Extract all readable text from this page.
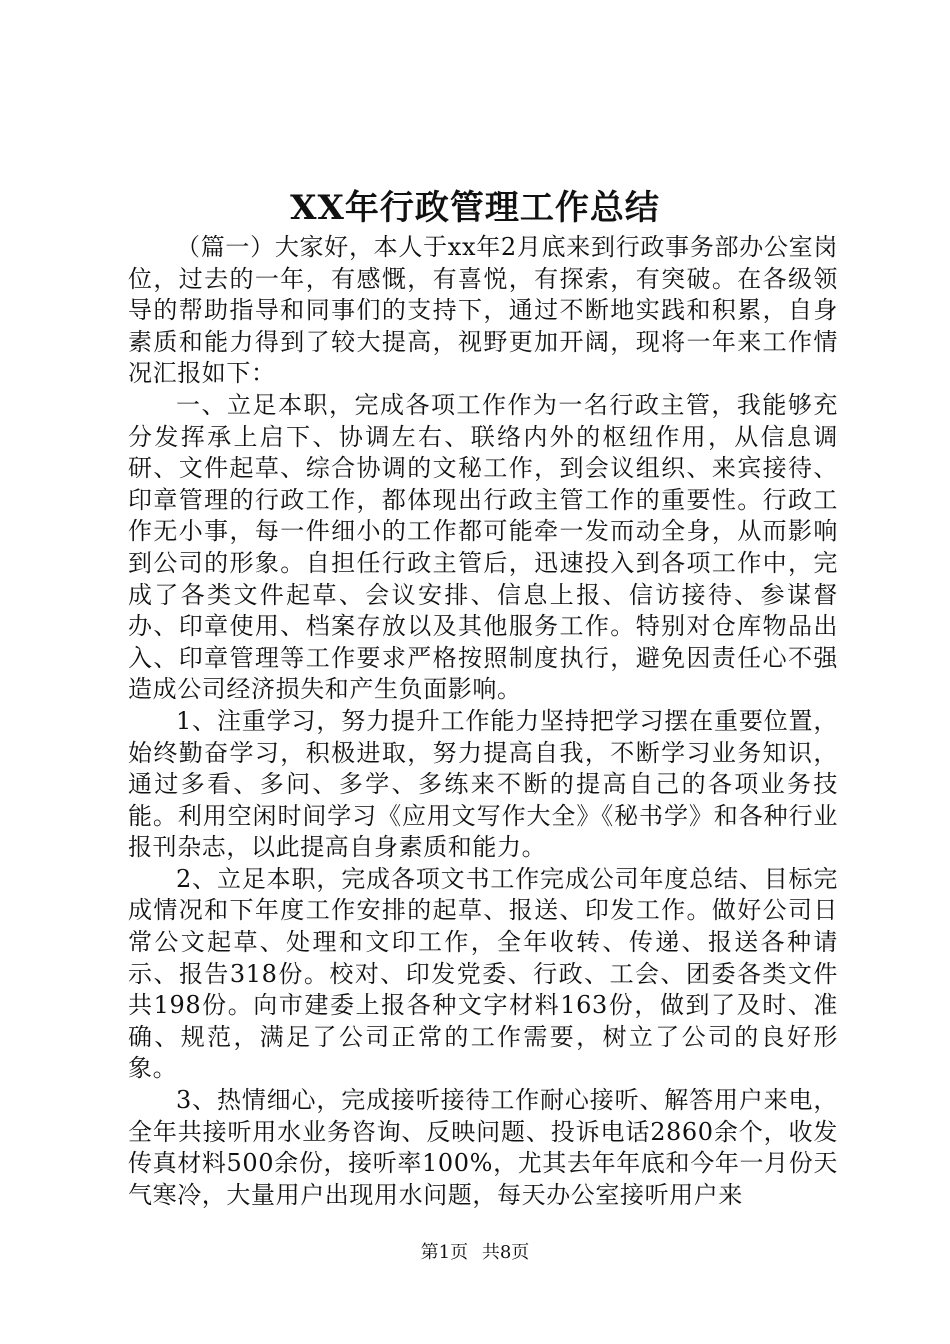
XX年行政管理工作总结

（篇一）大家好，本人于xx年2月底来到行政事务部办公室岗位，过去的一年，有感慨，有喜悦，有探索，有突破。在各级领导的帮助指导和同事们的支持下，通过不断地实践和积累，自身素质和能力得到了较大提高，视野更加开阔，现将一年来工作情况汇报如下：

一、立足本职，完成各项工作作为一名行政主管，我能够充分发挥承上启下、协调左右、联络内外的枢纽作用，从信息调研、文件起草、综合协调的文秘工作，到会议组织、来宾接待、印章管理的行政工作，都体现出行政主管工作的重要性。行政工作无小事，每一件细小的工作都可能牵一发而动全身，从而影响到公司的形象。自担任行政主管后，迅速投入到各项工作中，完成了各类文件起草、会议安排、信息上报、信访接待、参谋督办、印章使用、档案存放以及其他服务工作。特别对仓库物品出入、印章管理等工作要求严格按照制度执行，避免因责任心不强造成公司经济损失和产生负面影响。

1、注重学习，努力提升工作能力坚持把学习摆在重要位置，始终勤奋学习，积极进取，努力提高自我，不断学习业务知识，通过多看、多问、多学、多练来不断的提高自己的各项业务技能。利用空闲时间学习《应用文写作大全》《秘书学》和各种行业报刊杂志，以此提高自身素质和能力。

2、立足本职，完成各项文书工作完成公司年度总结、目标完成情况和下年度工作安排的起草、报送、印发工作。做好公司日常公文起草、处理和文印工作，全年收转、传递、报送各种请示、报告318份。校对、印发党委、行政、工会、团委各类文件共198份。向市建委上报各种文字材料163份，做到了及时、准确、规范，满足了公司正常的工作需要，树立了公司的良好形象。

3、热情细心，完成接听接待工作耐心接听、解答用户来电，全年共接听用水业务咨询、反映问题、投诉电话2860余个，收发传真材料500余份，接听率100%，尤其去年年底和今年一月份天气寒冷，大量用户出现用水问题，每天办公室接听用户来

第1页 共8页
